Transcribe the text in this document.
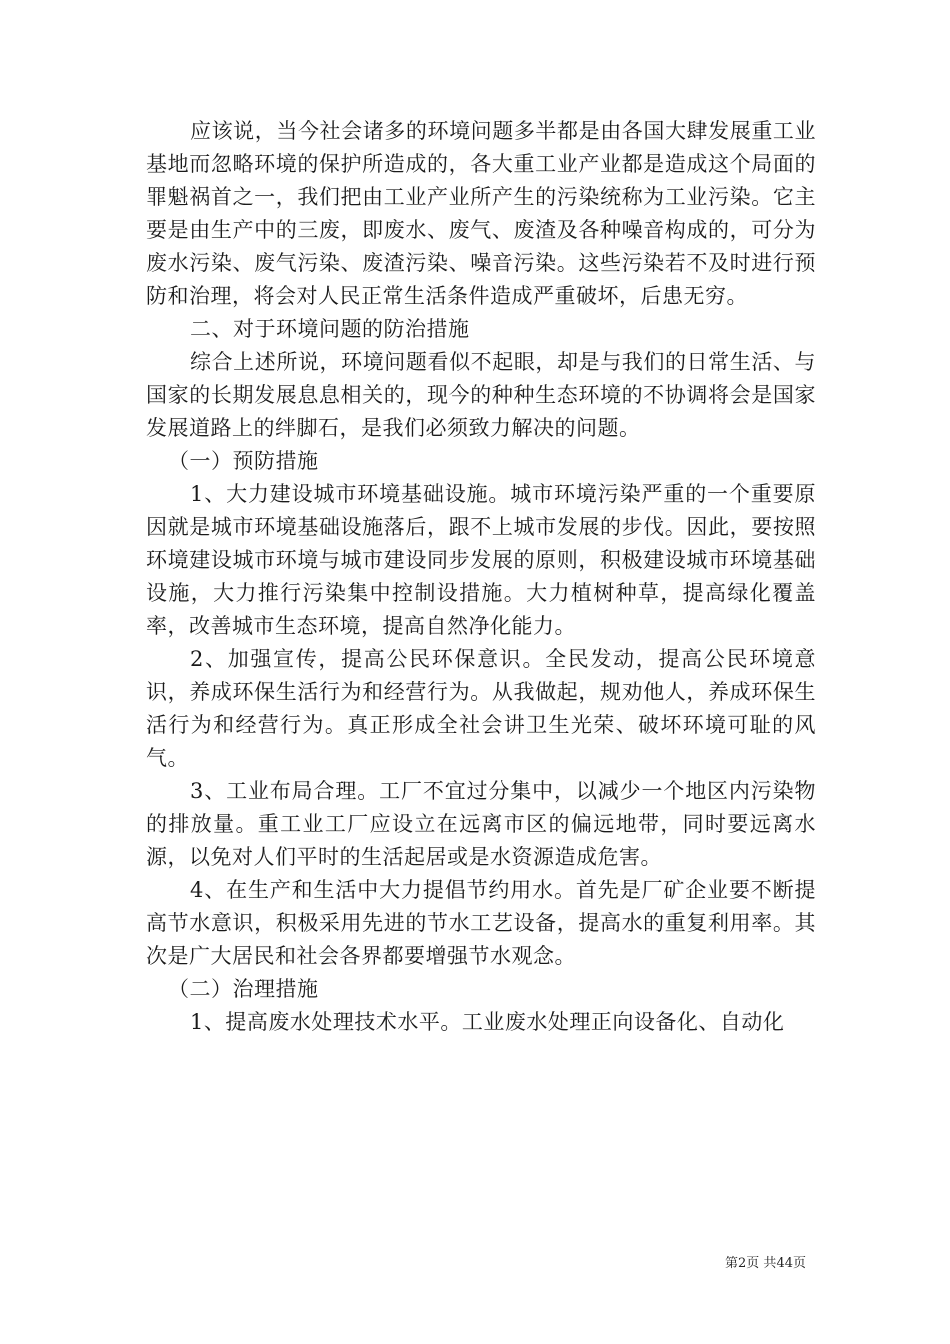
应该说，当今社会诸多的环境问题多半都是由各国大肆发展重工业基地而忽略环境的保护所造成的，各大重工业产业都是造成这个局面的罪魁祸首之一，我们把由工业产业所产生的污染统称为工业污染。它主要是由生产中的三废，即废水、废气、废渣及各种噪音构成的，可分为废水污染、废气污染、废渣污染、噪音污染。这些污染若不及时进行预防和治理，将会对人民正常生活条件造成严重破坏，后患无穷。

二、对于环境问题的防治措施

综合上述所说，环境问题看似不起眼，却是与我们的日常生活、与国家的长期发展息息相关的，现今的种种生态环境的不协调将会是国家发展道路上的绊脚石，是我们必须致力解决的问题。

（一）预防措施

1、大力建设城市环境基础设施。城市环境污染严重的一个重要原因就是城市环境基础设施落后，跟不上城市发展的步伐。因此，要按照环境建设城市环境与城市建设同步发展的原则，积极建设城市环境基础设施，大力推行污染集中控制设措施。大力植树种草，提高绿化覆盖率，改善城市生态环境，提高自然净化能力。

2、加强宣传，提高公民环保意识。全民发动，提高公民环境意识，养成环保生活行为和经营行为。从我做起，规劝他人，养成环保生活行为和经营行为。真正形成全社会讲卫生光荣、破坏环境可耻的风气。

3、工业布局合理。工厂不宜过分集中，以减少一个地区内污染物的排放量。重工业工厂应设立在远离市区的偏远地带，同时要远离水源，以免对人们平时的生活起居或是水资源造成危害。

4、在生产和生活中大力提倡节约用水。首先是厂矿企业要不断提高节水意识，积极采用先进的节水工艺设备，提高水的重复利用率。其次是广大居民和社会各界都要增强节水观念。

（二）治理措施

1、提高废水处理技术水平。工业废水处理正向设备化、自动化

第2页 共44页
